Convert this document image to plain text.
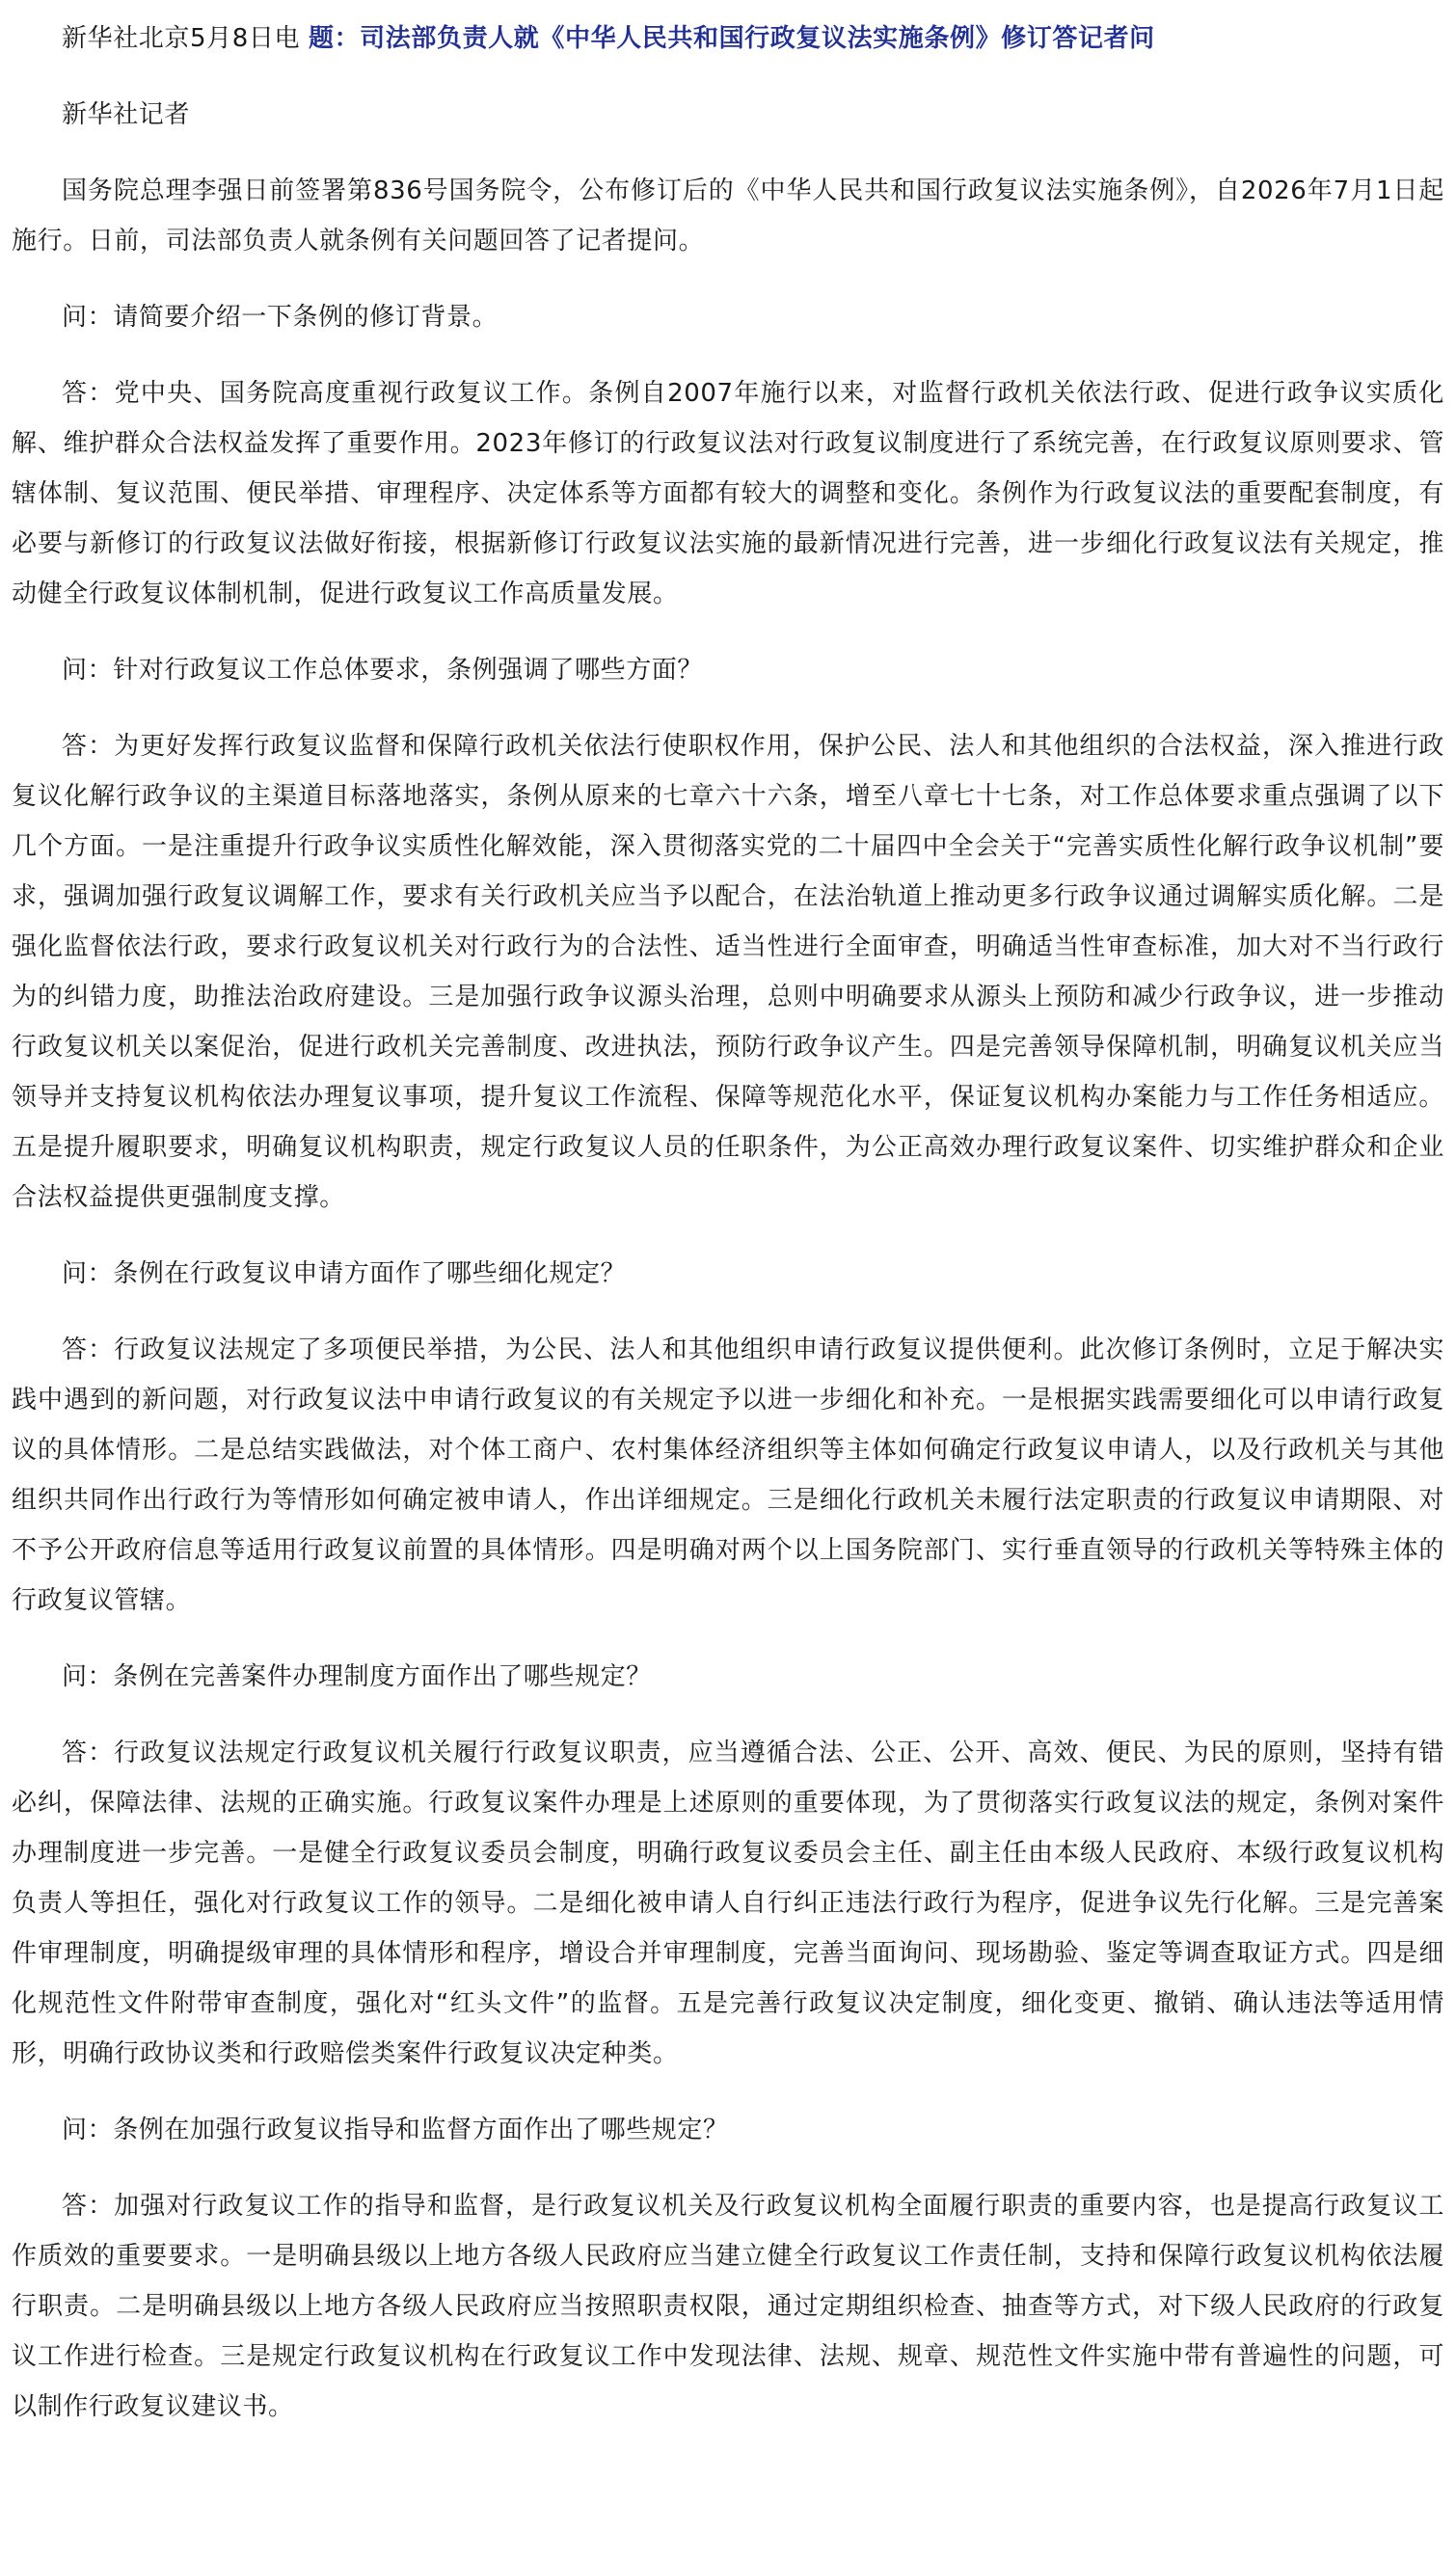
新华社北京5月8日电 题：司法部负责人就《中华人民共和国行政复议法实施条例》修订答记者问

新华社记者

国务院总理李强日前签署第836号国务院令，公布修订后的《中华人民共和国行政复议法实施条例》，自2026年7月1日起施行。日前，司法部负责人就条例有关问题回答了记者提问。

问：请简要介绍一下条例的修订背景。

答：党中央、国务院高度重视行政复议工作。条例自2007年施行以来，对监督行政机关依法行政、促进行政争议实质化解、维护群众合法权益发挥了重要作用。2023年修订的行政复议法对行政复议制度进行了系统完善，在行政复议原则要求、管辖体制、复议范围、便民举措、审理程序、决定体系等方面都有较大的调整和变化。条例作为行政复议法的重要配套制度，有必要与新修订的行政复议法做好衔接，根据新修订行政复议法实施的最新情况进行完善，进一步细化行政复议法有关规定，推动健全行政复议体制机制，促进行政复议工作高质量发展。

问：针对行政复议工作总体要求，条例强调了哪些方面？

答：为更好发挥行政复议监督和保障行政机关依法行使职权作用，保护公民、法人和其他组织的合法权益，深入推进行政复议化解行政争议的主渠道目标落地落实，条例从原来的七章六十六条，增至八章七十七条，对工作总体要求重点强调了以下几个方面。一是注重提升行政争议实质性化解效能，深入贯彻落实党的二十届四中全会关于“完善实质性化解行政争议机制”要求，强调加强行政复议调解工作，要求有关行政机关应当予以配合，在法治轨道上推动更多行政争议通过调解实质化解。二是强化监督依法行政，要求行政复议机关对行政行为的合法性、适当性进行全面审查，明确适当性审查标准，加大对不当行政行为的纠错力度，助推法治政府建设。三是加强行政争议源头治理，总则中明确要求从源头上预防和减少行政争议，进一步推动行政复议机关以案促治，促进行政机关完善制度、改进执法，预防行政争议产生。四是完善领导保障机制，明确复议机关应当领导并支持复议机构依法办理复议事项，提升复议工作流程、保障等规范化水平，保证复议机构办案能力与工作任务相适应。五是提升履职要求，明确复议机构职责，规定行政复议人员的任职条件，为公正高效办理行政复议案件、切实维护群众和企业合法权益提供更强制度支撑。

问：条例在行政复议申请方面作了哪些细化规定？

答：行政复议法规定了多项便民举措，为公民、法人和其他组织申请行政复议提供便利。此次修订条例时，立足于解决实践中遇到的新问题，对行政复议法中申请行政复议的有关规定予以进一步细化和补充。一是根据实践需要细化可以申请行政复议的具体情形。二是总结实践做法，对个体工商户、农村集体经济组织等主体如何确定行政复议申请人，以及行政机关与其他组织共同作出行政行为等情形如何确定被申请人，作出详细规定。三是细化行政机关未履行法定职责的行政复议申请期限、对不予公开政府信息等适用行政复议前置的具体情形。四是明确对两个以上国务院部门、实行垂直领导的行政机关等特殊主体的行政复议管辖。

问：条例在完善案件办理制度方面作出了哪些规定？

答：行政复议法规定行政复议机关履行行政复议职责，应当遵循合法、公正、公开、高效、便民、为民的原则，坚持有错必纠，保障法律、法规的正确实施。行政复议案件办理是上述原则的重要体现，为了贯彻落实行政复议法的规定，条例对案件办理制度进一步完善。一是健全行政复议委员会制度，明确行政复议委员会主任、副主任由本级人民政府、本级行政复议机构负责人等担任，强化对行政复议工作的领导。二是细化被申请人自行纠正违法行政行为程序，促进争议先行化解。三是完善案件审理制度，明确提级审理的具体情形和程序，增设合并审理制度，完善当面询问、现场勘验、鉴定等调查取证方式。四是细化规范性文件附带审查制度，强化对“红头文件”的监督。五是完善行政复议决定制度，细化变更、撤销、确认违法等适用情形，明确行政协议类和行政赔偿类案件行政复议决定种类。

问：条例在加强行政复议指导和监督方面作出了哪些规定？

答：加强对行政复议工作的指导和监督，是行政复议机关及行政复议机构全面履行职责的重要内容，也是提高行政复议工作质效的重要要求。一是明确县级以上地方各级人民政府应当建立健全行政复议工作责任制，支持和保障行政复议机构依法履行职责。二是明确县级以上地方各级人民政府应当按照职责权限，通过定期组织检查、抽查等方式，对下级人民政府的行政复议工作进行检查。三是规定行政复议机构在行政复议工作中发现法律、法规、规章、规范性文件实施中带有普遍性的问题，可以制作行政复议建议书。
